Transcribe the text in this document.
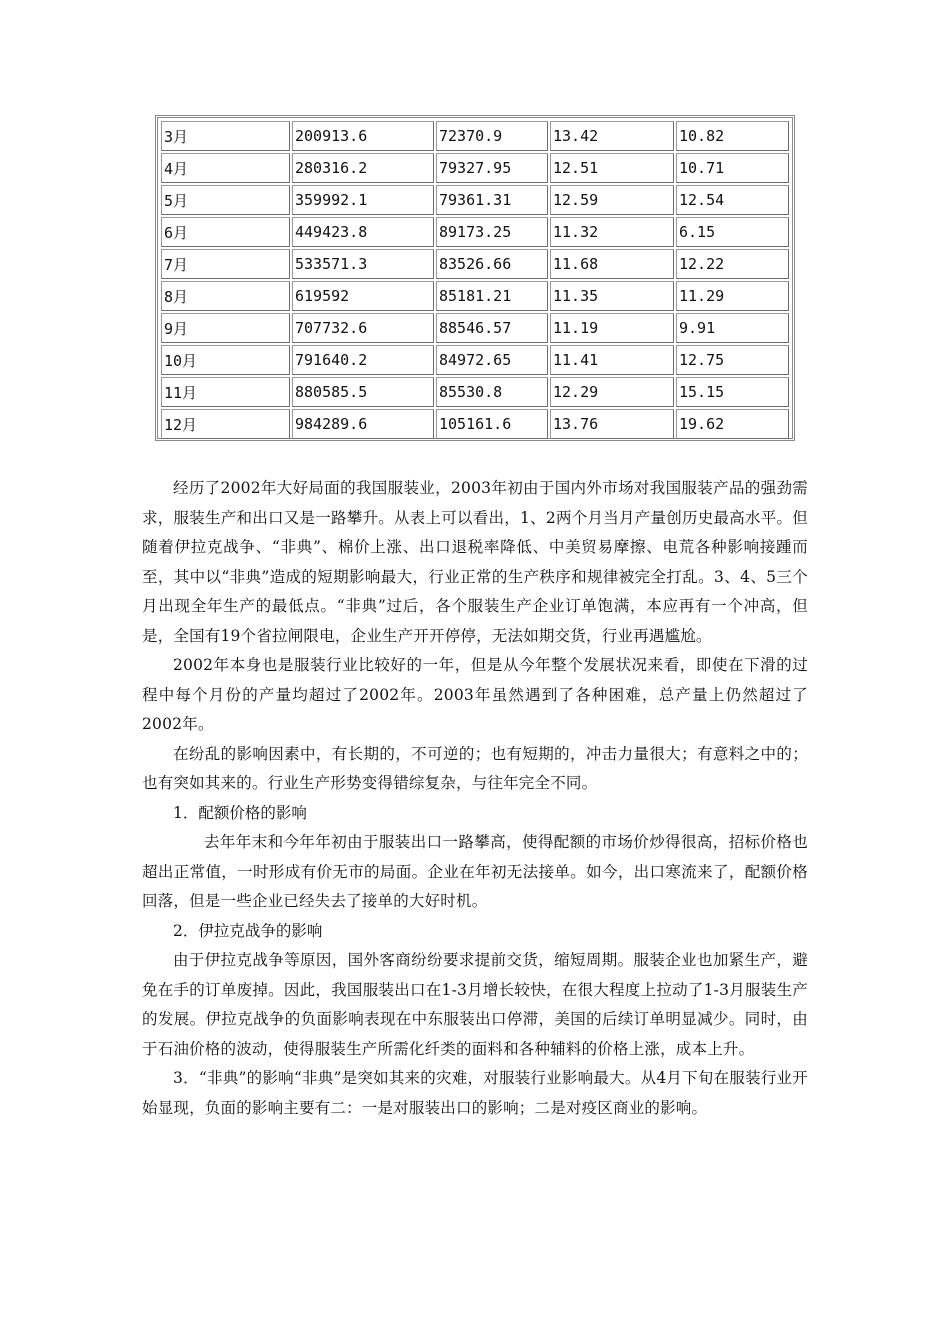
3月	200913.6	72370.9	13.42	10.82
4月	280316.2	79327.95	12.51	10.71
5月	359992.1	79361.31	12.59	12.54
6月	449423.8	89173.25	11.32	6.15
7月	533571.3	83526.66	11.68	12.22
8月	619592	85181.21	11.35	11.29
9月	707732.6	88546.57	11.19	9.91
10月	791640.2	84972.65	11.41	12.75
11月	880585.5	85530.8	12.29	15.15
12月	984289.6	105161.6	13.76	19.62

经历了2002年大好局面的我国服装业，2003年初由于国内外市场对我国服装产品的强劲需求，服装生产和出口又是一路攀升。从表上可以看出，1、2两个月当月产量创历史最高水平。但随着伊拉克战争、“非典”、棉价上涨、出口退税率降低、中美贸易摩擦、电荒各种影响接踵而至，其中以“非典”造成的短期影响最大，行业正常的生产秩序和规律被完全打乱。3、4、5三个月出现全年生产的最低点。“非典”过后，各个服装生产企业订单饱满，本应再有一个冲高，但是，全国有19个省拉闸限电，企业生产开开停停，无法如期交货，行业再遇尴尬。

2002年本身也是服装行业比较好的一年，但是从今年整个发展状况来看，即使在下滑的过程中每个月份的产量均超过了2002年。2003年虽然遇到了各种困难，总产量上仍然超过了2002年。

在纷乱的影响因素中，有长期的，不可逆的；也有短期的，冲击力量很大；有意料之中的；也有突如其来的。行业生产形势变得错综复杂，与往年完全不同。

1．配额价格的影响

去年年末和今年年初由于服装出口一路攀高，使得配额的市场价炒得很高，招标价格也超出正常值，一时形成有价无市的局面。企业在年初无法接单。如今，出口寒流来了，配额价格回落，但是一些企业已经失去了接单的大好时机。

2．伊拉克战争的影响

由于伊拉克战争等原因，国外客商纷纷要求提前交货，缩短周期。服装企业也加紧生产，避免在手的订单废掉。因此，我国服装出口在1-3月增长较快，在很大程度上拉动了1-3月服装生产的发展。伊拉克战争的负面影响表现在中东服装出口停滞，美国的后续订单明显减少。同时，由于石油价格的波动，使得服装生产所需化纤类的面料和各种辅料的价格上涨，成本上升。

3．“非典”的影响“非典”是突如其来的灾难，对服装行业影响最大。从4月下旬在服装行业开始显现，负面的影响主要有二：一是对服装出口的影响；二是对疫区商业的影响。
